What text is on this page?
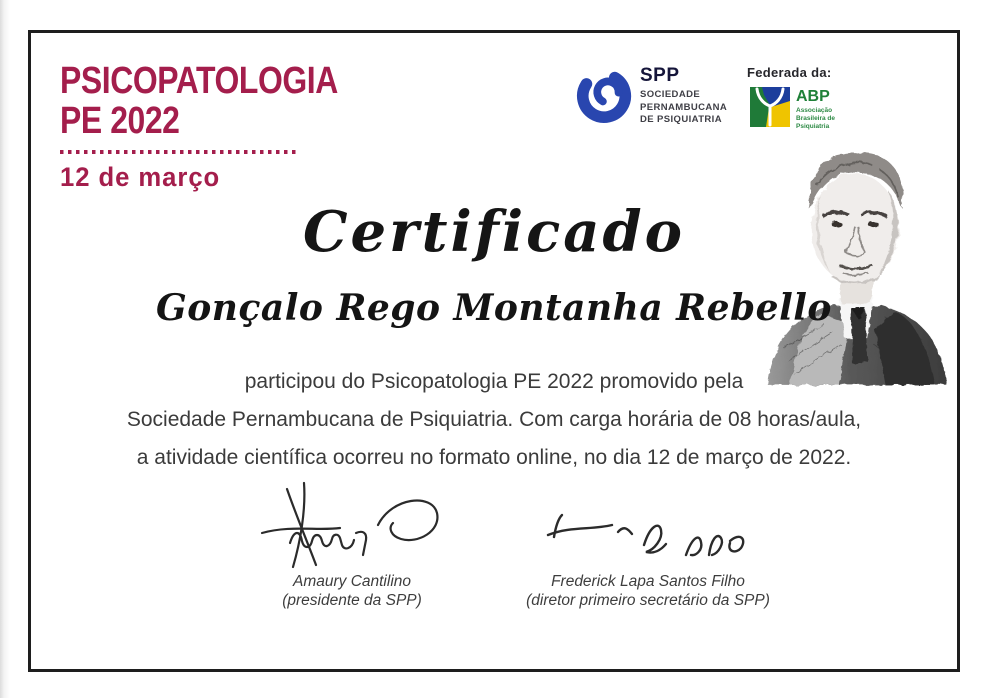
PSICOPATOLOGIA
PE 2022
12 de março
SPP
SOCIEDADE
PERNAMBUCANA
DE PSIQUIATRIA
Federada da:
ABP
Associação
Brasileira de
Psiquiatria
Certificado
Gonçalo Rego Montanha Rebello
participou do Psicopatologia PE 2022 promovido pela
Sociedade Pernambucana de Psiquiatria. Com carga horária de 08 horas/aula,
a atividade científica ocorreu no formato online, no dia 12 de março de 2022.
Amaury Cantilino
(presidente da SPP)
Frederick Lapa Santos Filho
(diretor primeiro secretário da SPP)
